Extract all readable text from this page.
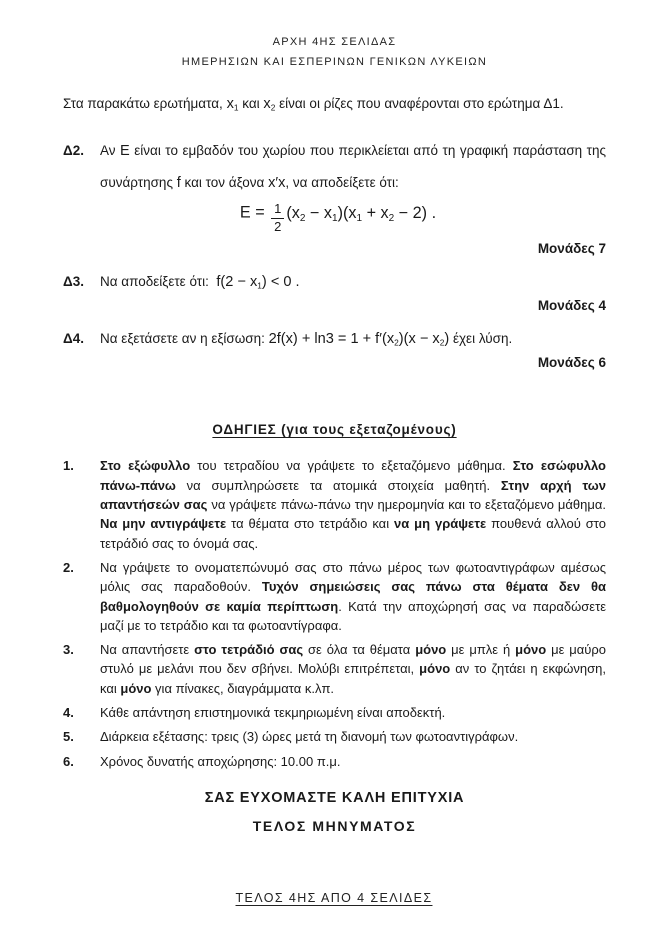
ΑΡΧΗ 4ΗΣ ΣΕΛΙΔΑΣ
ΗΜΕΡΗΣΙΩΝ ΚΑΙ ΕΣΠΕΡΙΝΩΝ ΓΕΝΙΚΩΝ ΛΥΚΕΙΩΝ

Στα παρακάτω ερωτήματα, $x_1$ και $x_2$ είναι οι ρίζες που αναφέρονται στο ερώτημα Δ1.

Δ2.	Αν Ε είναι το εμβαδόν του χωρίου που περικλείεται από τη γραφική παράσταση της συνάρτησης f και τον άξονα x′x, να αποδείξετε ότι:

$E = \frac{1}{2} (x_2 - x_1)(x_1 + x_2 - 2)$ .
Μονάδες 7
Δ3.	Να αποδείξετε ότι:  $f(2 - x_1) < 0$ .

Μονάδες 4
Δ4.	Να εξετάσετε αν η εξίσωση: $2f(x) + \ln 3 = 1 + f'(x_2)(x - x_2)$ έχει λύση.

Μονάδες 6
ΟΔΗΓΙΕΣ (για τους εξεταζομένους)
1.	Στο εξώφυλλο του τετραδίου να γράψετε το εξεταζόμενο μάθημα. Στο εσώφυλλο πάνω-πάνω να συμπληρώσετε τα ατομικά στοιχεία μαθητή. Στην αρχή των απαντήσεών σας να γράψετε πάνω-πάνω την ημερομηνία και το εξεταζόμενο μάθημα. Να μην αντιγράψετε τα θέματα στο τετράδιο και να μη γράψετε πουθενά αλλού στο τετράδιό σας το όνομά σας.

2.	Να γράψετε το ονοματεπώνυμό σας στο πάνω μέρος των φωτοαντιγράφων αμέσως μόλις σας παραδοθούν. Τυχόν σημειώσεις σας πάνω στα θέματα δεν θα βαθμολογηθούν σε καμία περίπτωση. Κατά την αποχώρησή σας να παραδώσετε μαζί με το τετράδιο και τα φωτοαντίγραφα.

3.	Να απαντήσετε στο τετράδιό σας σε όλα τα θέματα μόνο με μπλε ή μόνο με μαύρο στυλό με μελάνι που δεν σβήνει. Μολύβι επιτρέπεται, μόνο αν το ζητάει η εκφώνηση, και μόνο για πίνακες, διαγράμματα κ.λπ.

4.	Κάθε απάντηση επιστημονικά τεκμηριωμένη είναι αποδεκτή.

5.	Διάρκεια εξέτασης: τρεις (3) ώρες μετά τη διανομή των φωτοαντιγράφων.

6.	Χρόνος δυνατής αποχώρησης: 10.00 π.μ.

ΣΑΣ ΕΥΧΟΜΑΣΤΕ ΚΑΛΗ ΕΠΙΤΥΧΙΑ
ΤΕΛΟΣ ΜΗΝΥΜΑΤΟΣ
ΤΕΛΟΣ 4ΗΣ ΑΠΟ 4 ΣΕΛΙΔΕΣ
